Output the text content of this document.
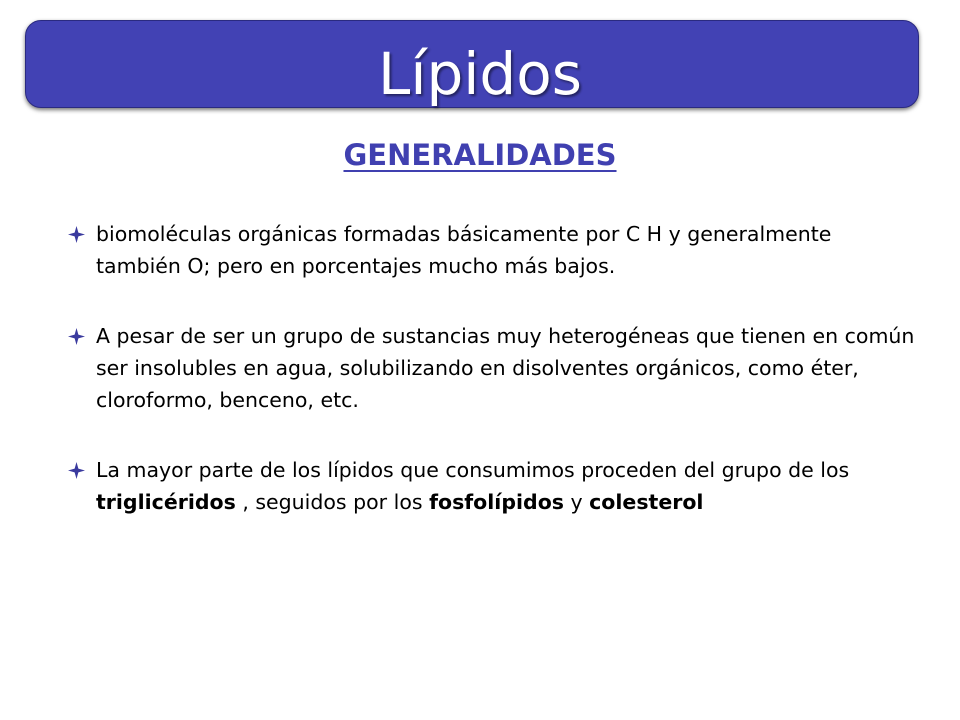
Lípidos
GENERALIDADES
biomoléculas orgánicas formadas básicamente por C H y generalmente también O; pero en porcentajes mucho más bajos.
A pesar de ser un grupo de sustancias muy heterogéneas que tienen en común ser insolubles en agua, solubilizando en disolventes orgánicos, como éter, cloroformo, benceno, etc.
La mayor parte de los lípidos que consumimos proceden del grupo de los triglicéridos , seguidos por los fosfolípidos y colesterol
